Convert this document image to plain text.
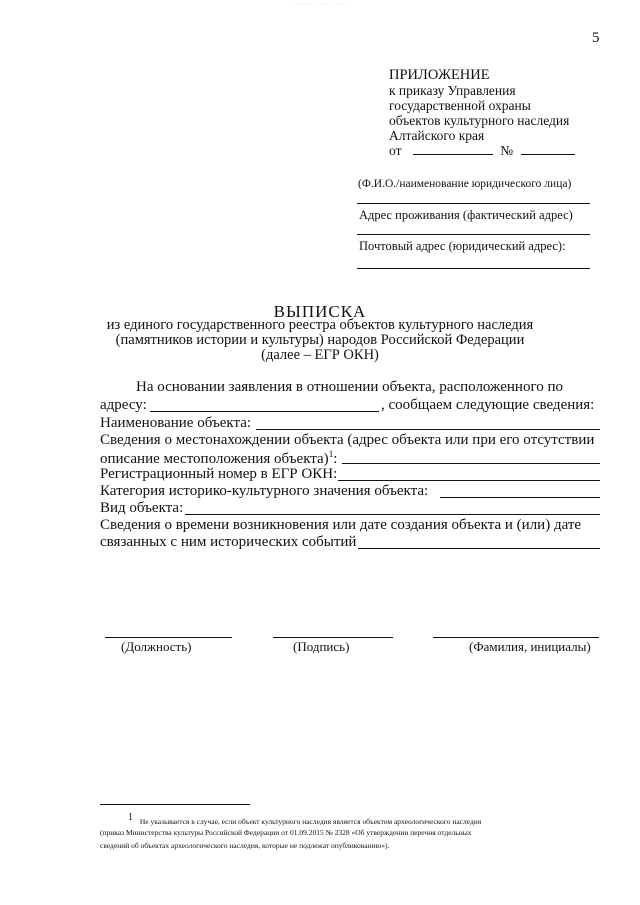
· ···· ····· ···
5
ПРИЛОЖЕНИЕ
к приказу Управления
государственной охраны
объектов культурного наследия
Алтайского края
от	№
(Ф.И.О./наименование юридического лица)
Адрес проживания (фактический адрес)
Почтовый адрес (юридический адрес):
ВЫПИСКА
из единого государственного реестра объектов культурного наследия
(памятников истории и культуры) народов Российской Федерации
(далее – ЕГР ОКН)
На основании заявления в отношении объекта, расположенного по
адресу:	, сообщаем следующие сведения:
Наименование объекта:
Сведения о местонахождении объекта (адрес объекта или при его отсутствии
описание местоположения объекта)$^1$:
Регистрационный номер в ЕГР ОКН:
Категория историко-культурного значения объекта:
Вид объекта:
Сведения о времени возникновения или дате создания объекта и (или) дате
связанных с ним исторических событий
(Должность)	(Подпись)	(Фамилия, инициалы)
$^1$ Не указывается в случае, если объект культурного наследия является объектом археологического наследия
(приказ Министерства культуры Российской Федерации от 01.09.2015 № 2328 «Об утверждении перечня отдельных
сведений об объектах археологического наследия, которые не подлежат опубликованию»).
